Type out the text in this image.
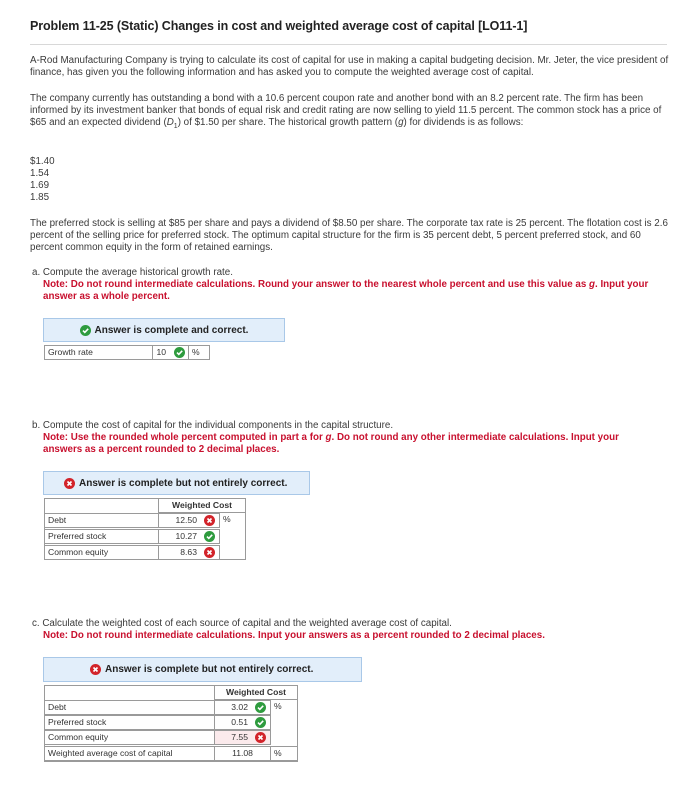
Problem 11-25 (Static) Changes in cost and weighted average cost of capital [LO11-1]
A-Rod Manufacturing Company is trying to calculate its cost of capital for use in making a capital budgeting decision. Mr. Jeter, the vice president of finance, has given you the following information and has asked you to compute the weighted average cost of capital.
The company currently has outstanding a bond with a 10.6 percent coupon rate and another bond with an 8.2 percent rate. The firm has been informed by its investment banker that bonds of equal risk and credit rating are now selling to yield 11.5 percent. The common stock has a price of $65 and an expected dividend $(D_1)$ of $1.50 per share. The historical growth pattern (g) for dividends is as follows:
$1.40
1.54
1.69
1.85
The preferred stock is selling at $85 per share and pays a dividend of $8.50 per share. The corporate tax rate is 25 percent. The flotation cost is 2.6 percent of the selling price for preferred stock. The optimum capital structure for the firm is 35 percent debt, 5 percent preferred stock, and 60 percent common equity in the form of retained earnings.
a. Compute the average historical growth rate.
Note: Do not round intermediate calculations. Round your answer to the nearest whole percent and use this value as g. Input your answer as a whole percent.
Answer is complete and correct.
Growth rate	10	%
b. Compute the cost of capital for the individual components in the capital structure.
Note: Use the rounded whole percent computed in part a for g. Do not round any other intermediate calculations. Input your answers as a percent rounded to 2 decimal places.
Answer is complete but not entirely correct.
Weighted Cost
Debt	12.50	%
Preferred stock	10.27
Common equity	8.63
c. Calculate the weighted cost of each source of capital and the weighted average cost of capital.
Note: Do not round intermediate calculations. Input your answers as a percent rounded to 2 decimal places.
Answer is complete but not entirely correct.
Weighted Cost
Debt	3.02	%
Preferred stock	0.51
Common equity	7.55
Weighted average cost of capital	11.08	%
